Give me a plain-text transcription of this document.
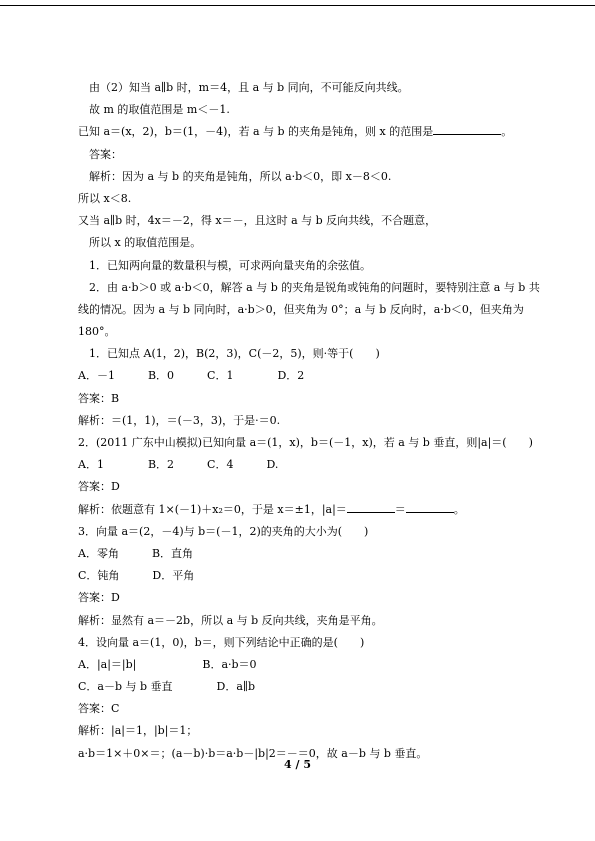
由（2）知当 a∥b 时，m＝4，且 a 与 b 同向，不可能反向共线。
故 m 的取值范围是 m＜－1.
已知 a＝(x，2)，b＝(1，－4)，若 a 与 b 的夹角是钝角，则 x 的范围是	。
答案：
解析：因为 a 与 b 的夹角是钝角，所以 a·b＜0，即 x－8＜0.
所以 x＜8.
又当 a∥b 时，4x＝－2，得 x＝－，且这时 a 与 b 反向共线，不合题意，
所以 x 的取值范围是。
1．已知两向量的数量积与模，可求两向量夹角的余弦值。
2．由 a·b＞0 或 a·b＜0，解答 a 与 b 的夹角是锐角或钝角的问题时，要特别注意 a 与 b 共线的情况。因为 a 与 b 同向时，a·b＞0，但夹角为 0°；a 与 b 反向时，a·b＜0，但夹角为 180°。
1．已知点 A(1，2)，B(2，3)，C(－2，5)，则·等于(　　)
A．－1　　　B．0　　　C．1　　　　D．2
答案：B
解析：＝(1，1)，＝(－3，3)，于是·＝0.
2．(2011 广东中山模拟)已知向量 a＝(1，x)，b＝(－1，x)，若 a 与 b 垂直，则|a|＝(　　)
A．1　　　　B．2　　　C．4　　　D.
答案：D
解析：依题意有 1×(－1)＋x₂＝0，于是 x＝±1，|a|＝	＝	。
3．向量 a＝(2，－4)与 b＝(－1，2)的夹角的大小为(　　)
A．零角　　　B．直角
C．钝角　　　D．平角
答案：D
解析：显然有 a＝－2b，所以 a 与 b 反向共线，夹角是平角。
4．设向量 a＝(1，0)，b＝，则下列结论中正确的是(　　)
A．|a|＝|b|　　　　　　B．a·b＝0
C．a－b 与 b 垂直　　　　D．a∥b
答案：C
解析：|a|＝1，|b|＝1；
a·b＝1×＋0×＝；(a－b)·b＝a·b－|b|2＝－＝0，故 a－b 与 b 垂直。
4 / 5
